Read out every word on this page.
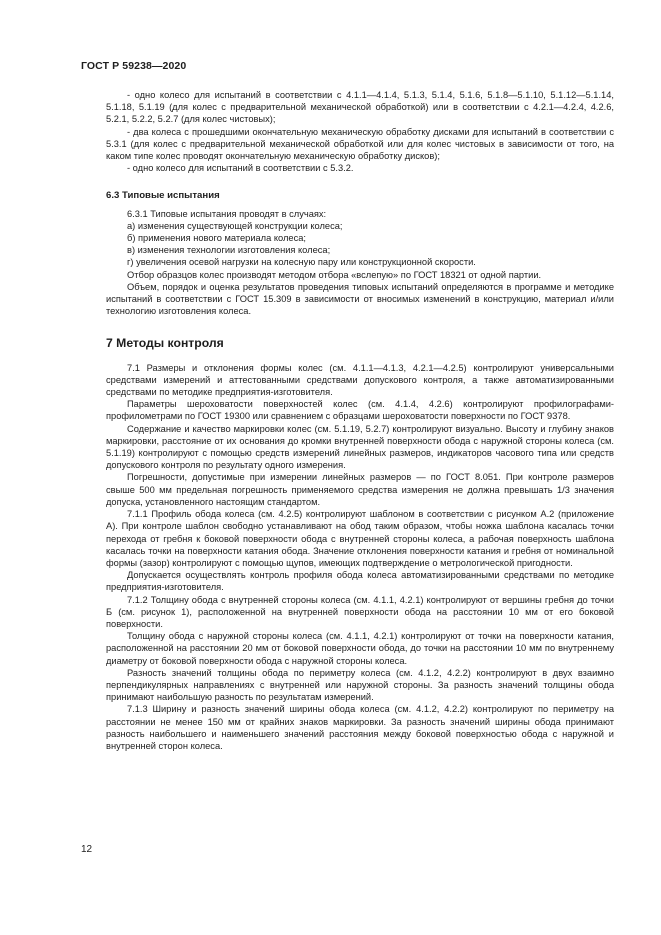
ГОСТ Р 59238—2020

- одно колесо для испытаний в соответствии с 4.1.1—4.1.4, 5.1.3, 5.1.4, 5.1.6, 5.1.8—5.1.10, 5.1.12—5.1.14, 5.1.18, 5.1.19 (для колес с предварительной механической обработкой) или в соответствии с 4.2.1—4.2.4, 4.2.6, 5.2.1, 5.2.2, 5.2.7 (для колес чистовых);

- два колеса с прошедшими окончательную механическую обработку дисками для испытаний в соответствии с 5.3.1 (для колес с предварительной механической обработкой или для колес чистовых в зависимости от того, на каком типе колес проводят окончательную механическую обработку дисков);

- одно колесо для испытаний в соответствии с 5.3.2.

6.3 Типовые испытания

6.3.1 Типовые испытания проводят в случаях:

а) изменения существующей конструкции колеса;

б) применения нового материала колеса;

в) изменения технологии изготовления колеса;

г) увеличения осевой нагрузки на колесную пару или конструкционной скорости.

Отбор образцов колес производят методом отбора «вслепую» по ГОСТ 18321 от одной партии.

Объем, порядок и оценка результатов проведения типовых испытаний определяются в программе и методике испытаний в соответствии с ГОСТ 15.309 в зависимости от вносимых изменений в конструкцию, материал и/или технологию изготовления колеса.

7 Методы контроля

7.1 Размеры и отклонения формы колес (см. 4.1.1—4.1.3, 4.2.1—4.2.5) контролируют универсальными средствами измерений и аттестованными средствами допускового контроля, а также автоматизированными средствами по методике предприятия-изготовителя.

Параметры шероховатости поверхностей колес (см. 4.1.4, 4.2.6) контролируют профилографами-профилометрами по ГОСТ 19300 или сравнением с образцами шероховатости поверхности по ГОСТ 9378.

Содержание и качество маркировки колес (см. 5.1.19, 5.2.7) контролируют визуально. Высоту и глубину знаков маркировки, расстояние от их основания до кромки внутренней поверхности обода с наружной стороны колеса (см. 5.1.19) контролируют с помощью средств измерений линейных размеров, индикаторов часового типа или средств допускового контроля по результату одного измерения.

Погрешности, допустимые при измерении линейных размеров — по ГОСТ 8.051. При контроле размеров свыше 500 мм предельная погрешность применяемого средства измерения не должна превышать 1/3 значения допуска, установленного настоящим стандартом.

7.1.1 Профиль обода колеса (см. 4.2.5) контролируют шаблоном в соответствии с рисунком А.2 (приложение А). При контроле шаблон свободно устанавливают на обод таким образом, чтобы ножка шаблона касалась точки перехода от гребня к боковой поверхности обода с внутренней стороны колеса, а рабочая поверхность шаблона касалась точки на поверхности катания обода. Значение отклонения поверхности катания и гребня от номинальной формы (зазор) контролируют с помощью щупов, имеющих подтверждение о метрологической пригодности.

Допускается осуществлять контроль профиля обода колеса автоматизированными средствами по методике предприятия-изготовителя.

7.1.2 Толщину обода с внутренней стороны колеса (см. 4.1.1, 4.2.1) контролируют от вершины гребня до точки Б (см. рисунок 1), расположенной на внутренней поверхности обода на расстоянии 10 мм от его боковой поверхности.

Толщину обода с наружной стороны колеса (см. 4.1.1, 4.2.1) контролируют от точки на поверхности катания, расположенной на расстоянии 20 мм от боковой поверхности обода, до точки на расстоянии 10 мм по внутреннему диаметру от боковой поверхности обода с наружной стороны колеса.

Разность значений толщины обода по периметру колеса (см. 4.1.2, 4.2.2) контролируют в двух взаимно перпендикулярных направлениях с внутренней или наружной стороны. За разность значений толщины обода принимают наибольшую разность по результатам измерений.

7.1.3 Ширину и разность значений ширины обода колеса (см. 4.1.2, 4.2.2) контролируют по периметру на расстоянии не менее 150 мм от крайних знаков маркировки. За разность значений ширины обода принимают разность наибольшего и наименьшего значений расстояния между боковой поверхностью обода с наружной и внутренней сторон колеса.

12
